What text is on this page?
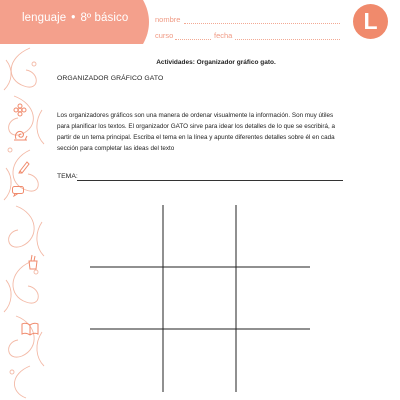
lenguaje • 8º básico	nombre
curso	fecha
L
Actividades: Organizador gráfico gato.
ORGANIZADOR GRÁFICO GATO
Los organizadores gráficos son una manera de ordenar visualmente la información. Son muy útiles para planificar los textos. El organizador GATO sirve para idear los detalles de lo que se escribirá, a partir de un tema principal. Escriba el tema en la línea y apunte diferentes detalles sobre él en cada sección para completar las ideas del texto
TEMA:
